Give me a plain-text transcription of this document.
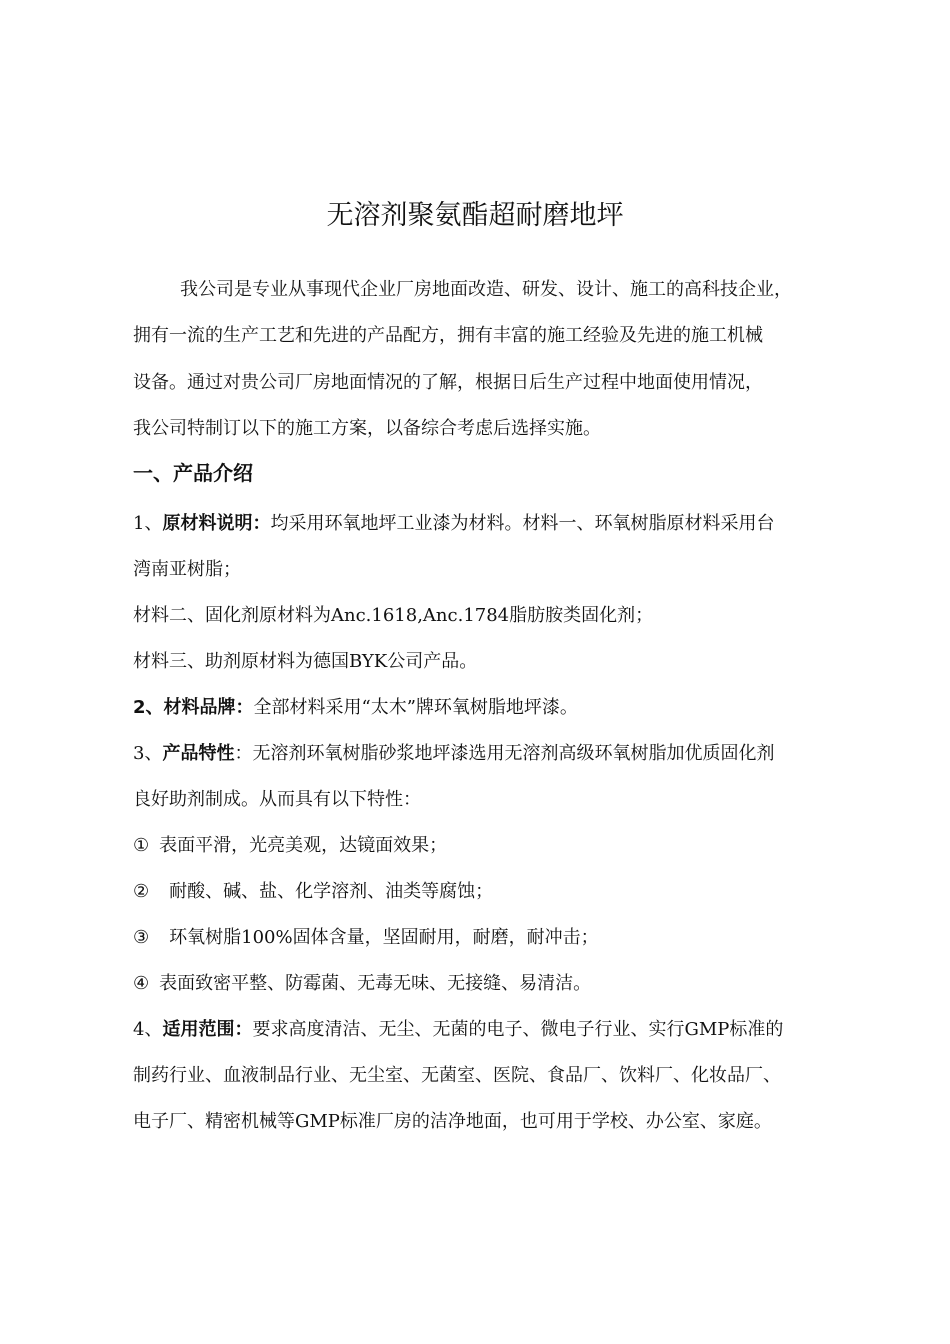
无溶剂聚氨酯超耐磨地坪
我公司是专业从事现代企业厂房地面改造、研发、设计、施工的高科技企业，
拥有一流的生产工艺和先进的产品配方，拥有丰富的施工经验及先进的施工机械
设备。通过对贵公司厂房地面情况的了解，根据日后生产过程中地面使用情况，
我公司特制订以下的施工方案，以备综合考虑后选择实施。
一、产品介绍
1、原材料说明：均采用环氧地坪工业漆为材料。材料一、环氧树脂原材料采用台
湾南亚树脂；
材料二、固化剂原材料为Anc.1618,Anc.1784脂肪胺类固化剂；
材料三、助剂原材料为德国BYK公司产品。
2、材料品牌：全部材料采用“太木”牌环氧树脂地坪漆。
3、产品特性：无溶剂环氧树脂砂浆地坪漆选用无溶剂高级环氧树脂加优质固化剂
良好助剂制成。从而具有以下特性：
① 表面平滑，光亮美观，达镜面效果；
② 耐酸、碱、盐、化学溶剂、油类等腐蚀；
③ 环氧树脂100%固体含量，坚固耐用，耐磨，耐冲击；
④ 表面致密平整、防霉菌、无毒无味、无接缝、易清洁。
4、适用范围：要求高度清洁、无尘、无菌的电子、微电子行业、实行GMP标准的
制药行业、血液制品行业、无尘室、无菌室、医院、食品厂、饮料厂、化妆品厂、
电子厂、精密机械等GMP标准厂房的洁净地面，也可用于学校、办公室、家庭。
